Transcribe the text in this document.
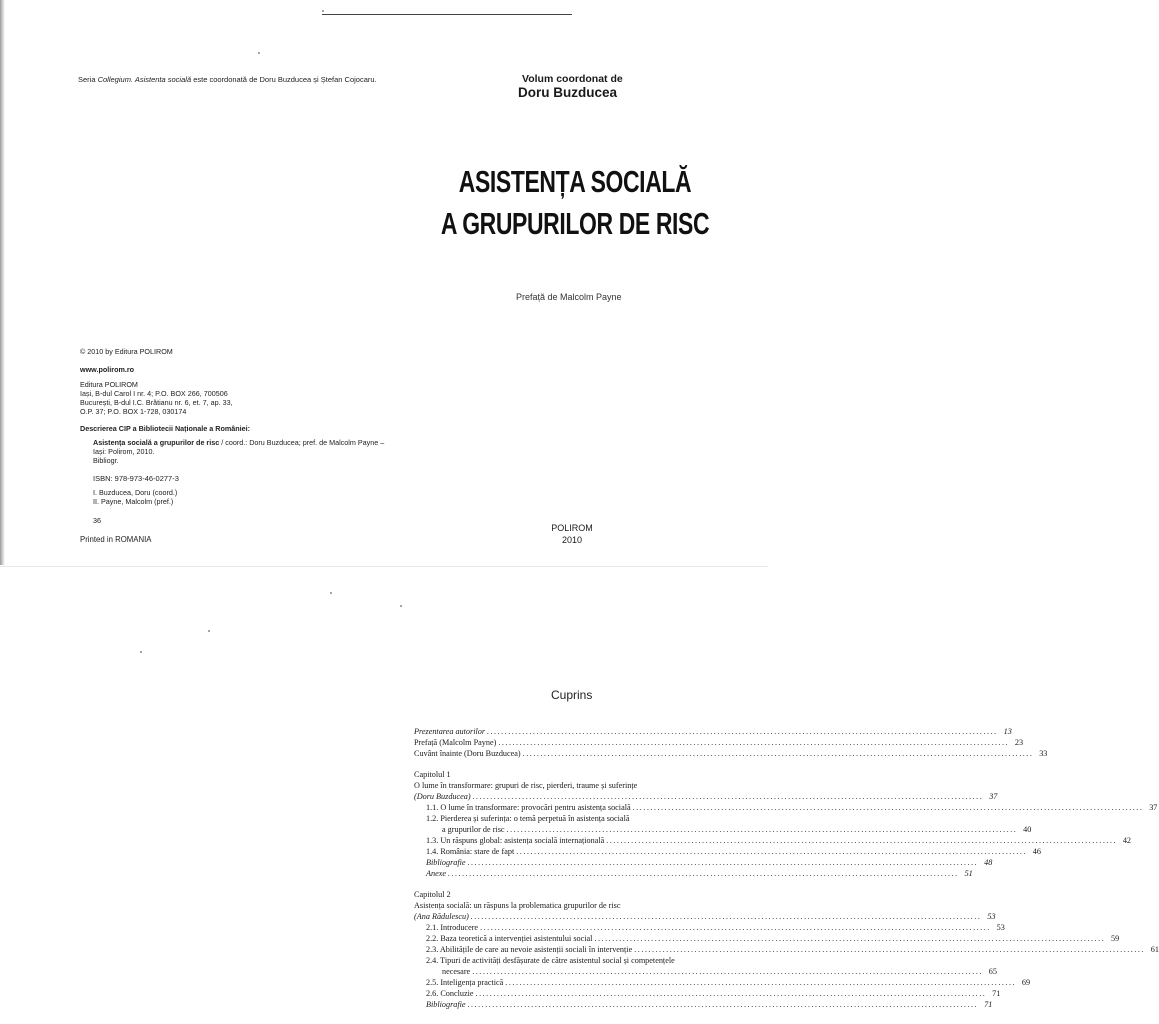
Seria Collegium. Asistenta socială este coordonată de Doru Buzducea și Ștefan Cojocaru.
© 2010 by Editura POLIROM
www.polirom.ro
Editura POLIROM
Iași, B-dul Carol I nr. 4; P.O. BOX 266, 700506
București, B-dul I.C. Brătianu nr. 6, et. 7, ap. 33,
O.P. 37; P.O. BOX 1-728, 030174
Descrierea CIP a Bibliotecii Naționale a României:
Asistența socială a grupurilor de risc / coord.: Doru Buzducea; pref. de Malcolm Payne –
Iași: Polirom, 2010.
Bibliogr.
ISBN: 978-973-46-0277-3
I. Buzducea, Doru (coord.)
II. Payne, Malcolm (pref.)
36
Printed in ROMANIA
Volum coordonat de
Doru Buzducea
ASISTENȚA SOCIALĂ
A GRUPURILOR DE RISC
Prefață de Malcolm Payne
POLIROM
2010
Cuprins
Prezentarea autorilor .....	13
Prefață (Malcolm Payne) .....	23
Cuvânt înainte (Doru Buzducea) .....	33
Capitolul 1
O lume în transformare: grupuri de risc, pierderi, traume și suferințe
(Doru Buzducea) .....	37
1.1. O lume în transformare: provocări pentru asistența socială .....	37
1.2. Pierderea și suferința: o temă perpetuă în asistența socială
a grupurilor de risc .....	40
1.3. Un răspuns global: asistența socială internațională .....	42
1.4. România: stare de fapt .....	46
Bibliografie .....	48
Anexe .....	51
Capitolul 2
Asistența socială: un răspuns la problematica grupurilor de risc
(Ana Rădulescu) .....	53
2.1. Introducere .....	53
2.2. Baza teoretică a intervenției asistentului social .....	59
2.3. Abilitățile de care au nevoie asistenții sociali în intervenție .....	61
2.4. Tipuri de activități desfășurate de către asistentul social și competențele
necesare .....	65
2.5. Inteligența practică .....	69
2.6. Concluzie .....	71
Bibliografie .....	71
